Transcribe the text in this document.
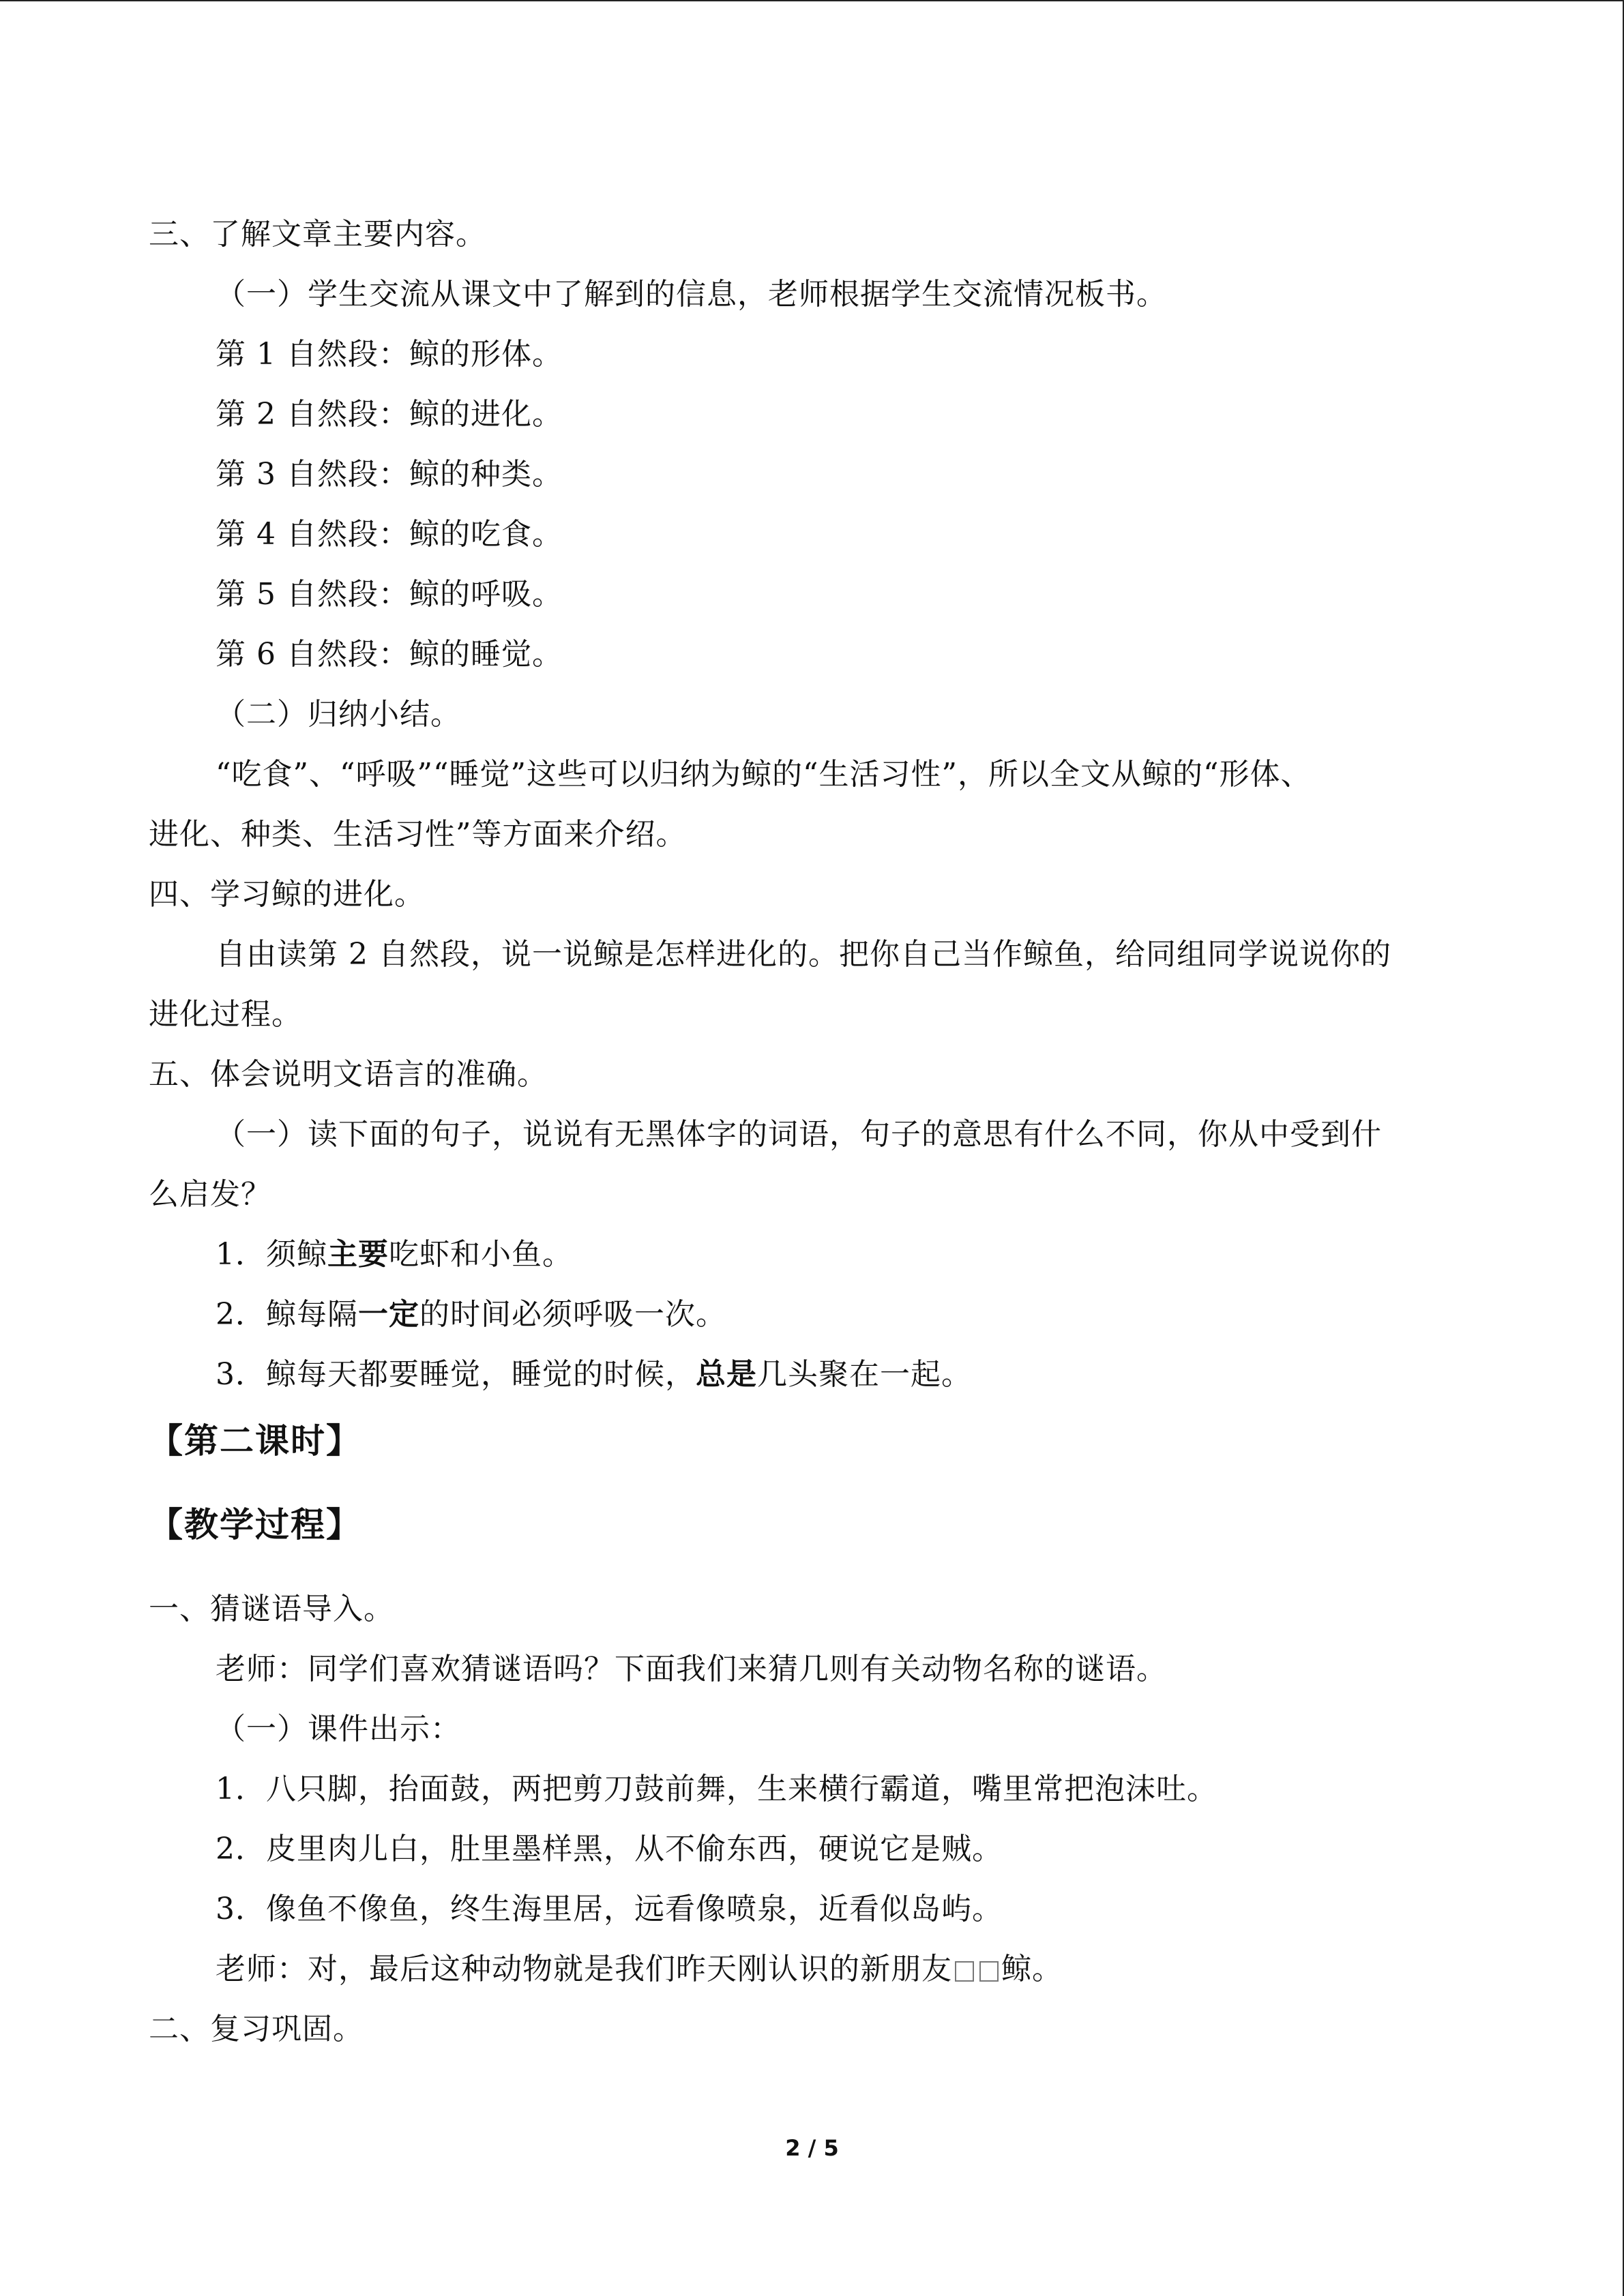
三、了解文章主要内容。
（一）学生交流从课文中了解到的信息，老师根据学生交流情况板书。
第 1 自然段：鲸的形体。
第 2 自然段：鲸的进化。
第 3 自然段：鲸的种类。
第 4 自然段：鲸的吃食。
第 5 自然段：鲸的呼吸。
第 6 自然段：鲸的睡觉。
（二）归纳小结。
“吃食”、“呼吸”“睡觉”这些可以归纳为鲸的“生活习性”，所以全文从鲸的“形体、
进化、种类、生活习性”等方面来介绍。
四、学习鲸的进化。
自由读第 2 自然段，说一说鲸是怎样进化的。把你自己当作鲸鱼，给同组同学说说你的
进化过程。
五、体会说明文语言的准确。
（一）读下面的句子，说说有无黑体字的词语，句子的意思有什么不同，你从中受到什
么启发？
1．须鲸主要吃虾和小鱼。
2．鲸每隔一定的时间必须呼吸一次。
3．鲸每天都要睡觉，睡觉的时候，总是几头聚在一起。
【第二课时】
【教学过程】
一、猜谜语导入。
老师：同学们喜欢猜谜语吗？下面我们来猜几则有关动物名称的谜语。
（一）课件出示：
1．八只脚，抬面鼓，两把剪刀鼓前舞，生来横行霸道，嘴里常把泡沫吐。
2．皮里肉儿白，肚里墨样黑，从不偷东西，硬说它是贼。
3．像鱼不像鱼，终生海里居，远看像喷泉，近看似岛屿。
老师：对，最后这种动物就是我们昨天刚认识的新朋友 鲸。
二、复习巩固。
2 / 5
